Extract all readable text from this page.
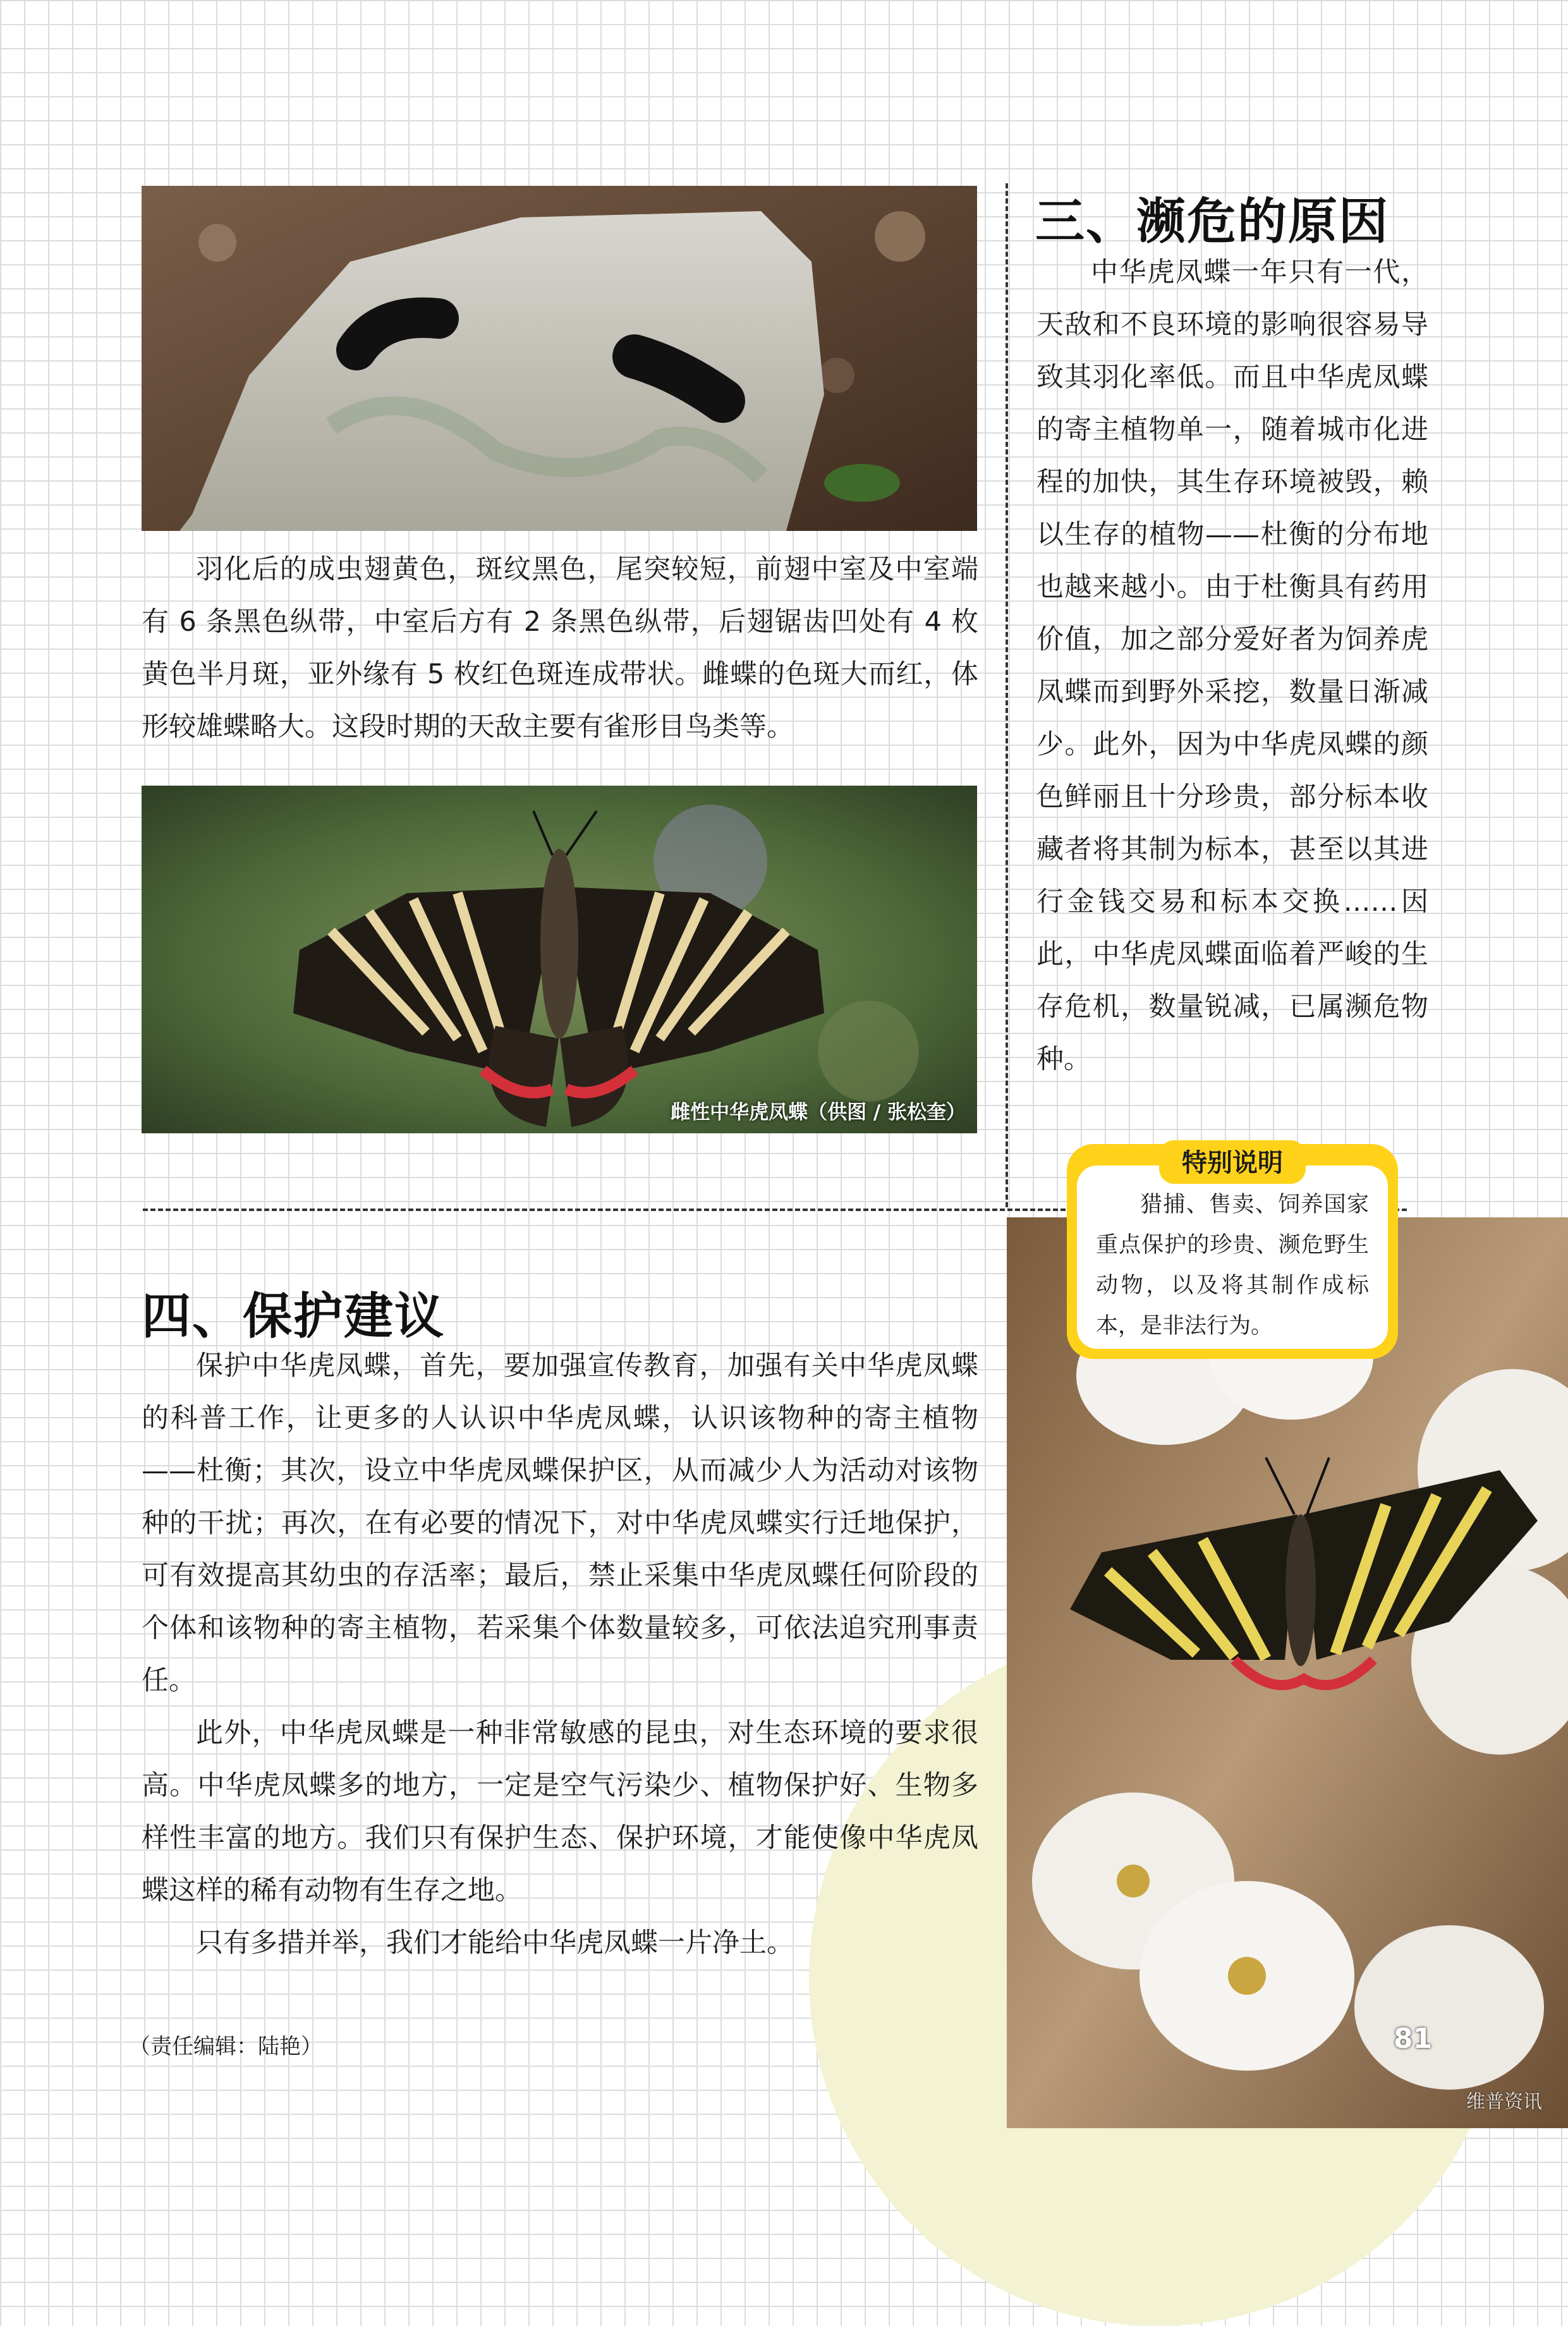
羽化后的成虫翅黄色，斑纹黑色，尾突较短，前翅中室及中室端有 6 条黑色纵带，中室后方有 2 条黑色纵带，后翅锯齿凹处有 4 枚黄色半月斑，亚外缘有 5 枚红色斑连成带状。雌蝶的色斑大而红，体形较雄蝶略大。这段时期的天敌主要有雀形目鸟类等。

雌性中华虎凤蝶（供图 / 张松奎）
三、濒危的原因

中华虎凤蝶一年只有一代，天敌和不良环境的影响很容易导致其羽化率低。而且中华虎凤蝶的寄主植物单一，随着城市化进程的加快，其生存环境被毁，赖以生存的植物——杜衡的分布地也越来越小。由于杜衡具有药用价值，加之部分爱好者为饲养虎凤蝶而到野外采挖，数量日渐减少。此外，因为中华虎凤蝶的颜色鲜丽且十分珍贵，部分标本收藏者将其制为标本，甚至以其进行金钱交易和标本交换……因此，中华虎凤蝶面临着严峻的生存危机，数量锐减，已属濒危物种。

猎捕、售卖、饲养国家重点保护的珍贵、濒危野生动物，以及将其制作成标本，是非法行为。

特别说明
四、保护建议

保护中华虎凤蝶，首先，要加强宣传教育，加强有关中华虎凤蝶的科普工作，让更多的人认识中华虎凤蝶，认识该物种的寄主植物——杜衡；其次，设立中华虎凤蝶保护区，从而减少人为活动对该物种的干扰；再次，在有必要的情况下，对中华虎凤蝶实行迁地保护，可有效提高其幼虫的存活率；最后，禁止采集中华虎凤蝶任何阶段的个体和该物种的寄主植物，若采集个体数量较多，可依法追究刑事责任。

此外，中华虎凤蝶是一种非常敏感的昆虫，对生态环境的要求很高。中华虎凤蝶多的地方，一定是空气污染少、植物保护好、生物多样性丰富的地方。我们只有保护生态、保护环境，才能使像中华虎凤蝶这样的稀有动物有生存之地。

只有多措并举，我们才能给中华虎凤蝶一片净土。

（责任编辑：陆艳）	81
维普资讯
